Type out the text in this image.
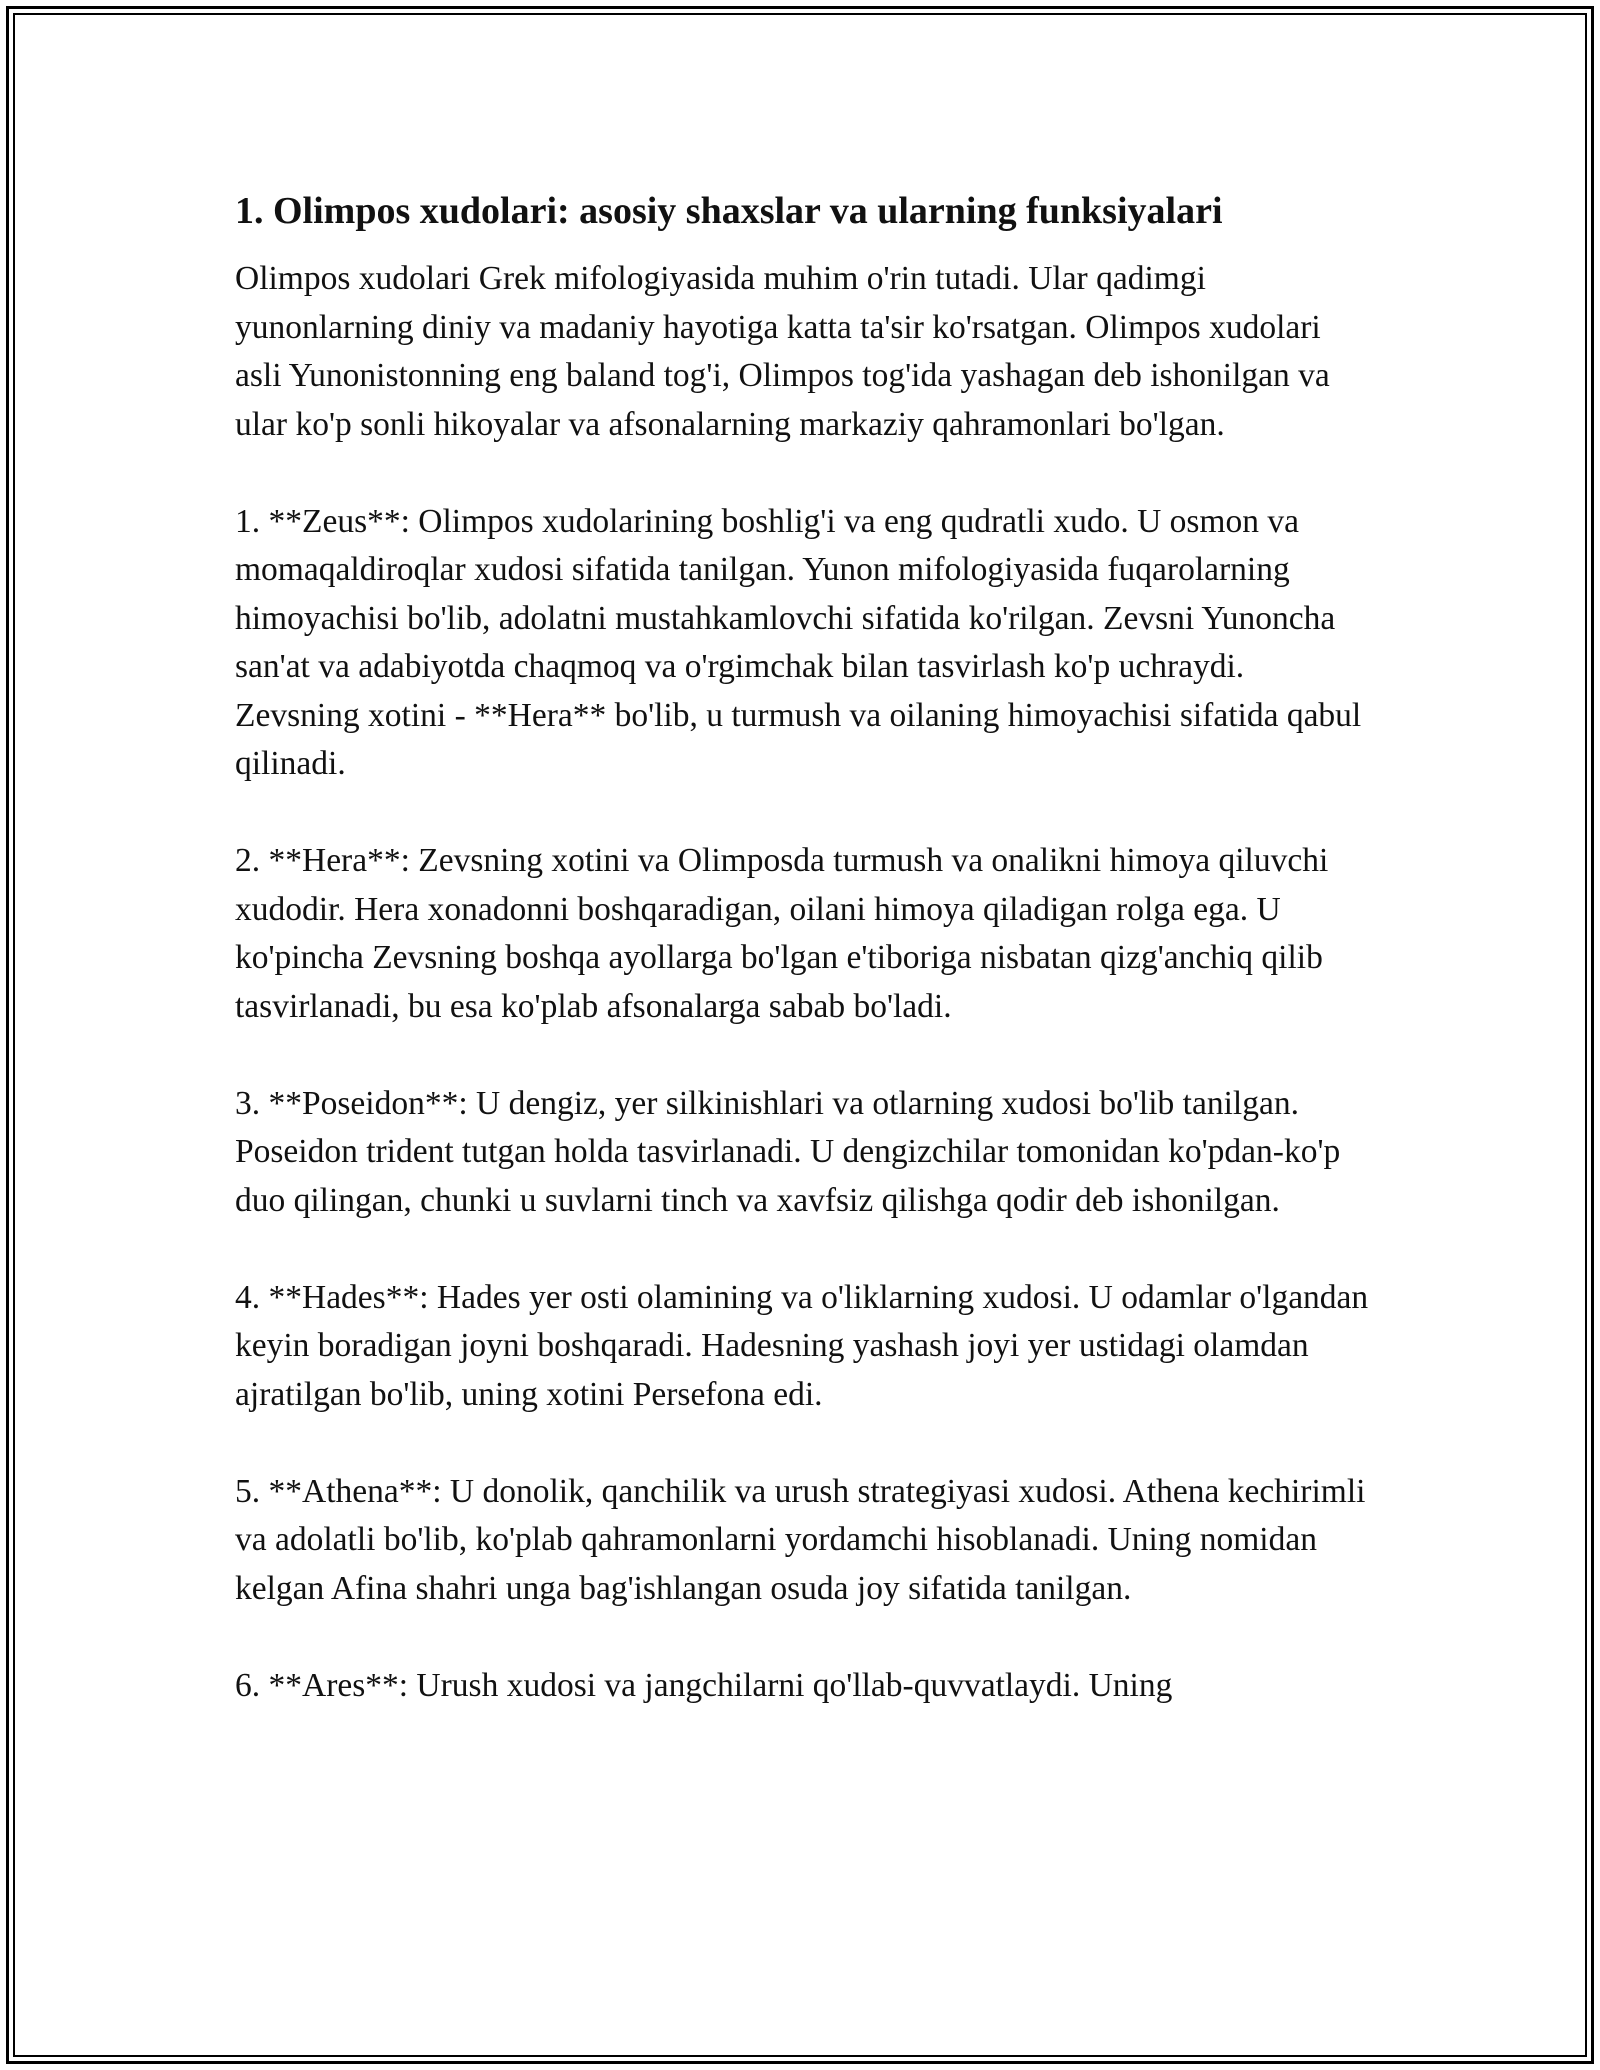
1. Olimpos xudolari: asosiy shaxslar va ularning funksiyalari

Olimpos xudolari Grek mifologiyasida muhim o'rin tutadi. Ular qadimgi yunonlarning diniy va madaniy hayotiga katta ta'sir ko'rsatgan. Olimpos xudolari asli Yunonistonning eng baland tog'i, Olimpos tog'ida yashagan deb ishonilgan va ular ko'p sonli hikoyalar va afsonalarning markaziy qahramonlari bo'lgan.

1. **Zeus**: Olimpos xudolarining boshlig'i va eng qudratli xudo. U osmon va momaqaldiroqlar xudosi sifatida tanilgan. Yunon mifologiyasida fuqarolarning himoyachisi bo'lib, adolatni mustahkamlovchi sifatida ko'rilgan. Zevsni Yunoncha san'at va adabiyotda chaqmoq va o'rgimchak bilan tasvirlash ko'p uchraydi. Zevsning xotini - **Hera** bo'lib, u turmush va oilaning himoyachisi sifatida qabul qilinadi.

2. **Hera**: Zevsning xotini va Olimposda turmush va onalikni himoya qiluvchi xudodir. Hera xonadonni boshqaradigan, oilani himoya qiladigan rolga ega. U ko'pincha Zevsning boshqa ayollarga bo'lgan e'tiboriga nisbatan qizg'anchiq qilib tasvirlanadi, bu esa ko'plab afsonalarga sabab bo'ladi.

3. **Poseidon**: U dengiz, yer silkinishlari va otlarning xudosi bo'lib tanilgan. Poseidon trident tutgan holda tasvirlanadi. U dengizchilar tomonidan ko'pdan-ko'p duo qilingan, chunki u suvlarni tinch va xavfsiz qilishga qodir deb ishonilgan.

4. **Hades**: Hades yer osti olamining va o'liklarning xudosi. U odamlar o'lgandan keyin boradigan joyni boshqaradi. Hadesning yashash joyi yer ustidagi olamdan ajratilgan bo'lib, uning xotini Persefona edi.

5. **Athena**: U donolik, qanchilik va urush strategiyasi xudosi. Athena kechirimli va adolatli bo'lib, ko'plab qahramonlarni yordamchi hisoblanadi. Uning nomidan kelgan Afina shahri unga bag'ishlangan osuda joy sifatida tanilgan.

6. **Ares**: Urush xudosi va jangchilarni qo'llab-quvvatlaydi. Uning
